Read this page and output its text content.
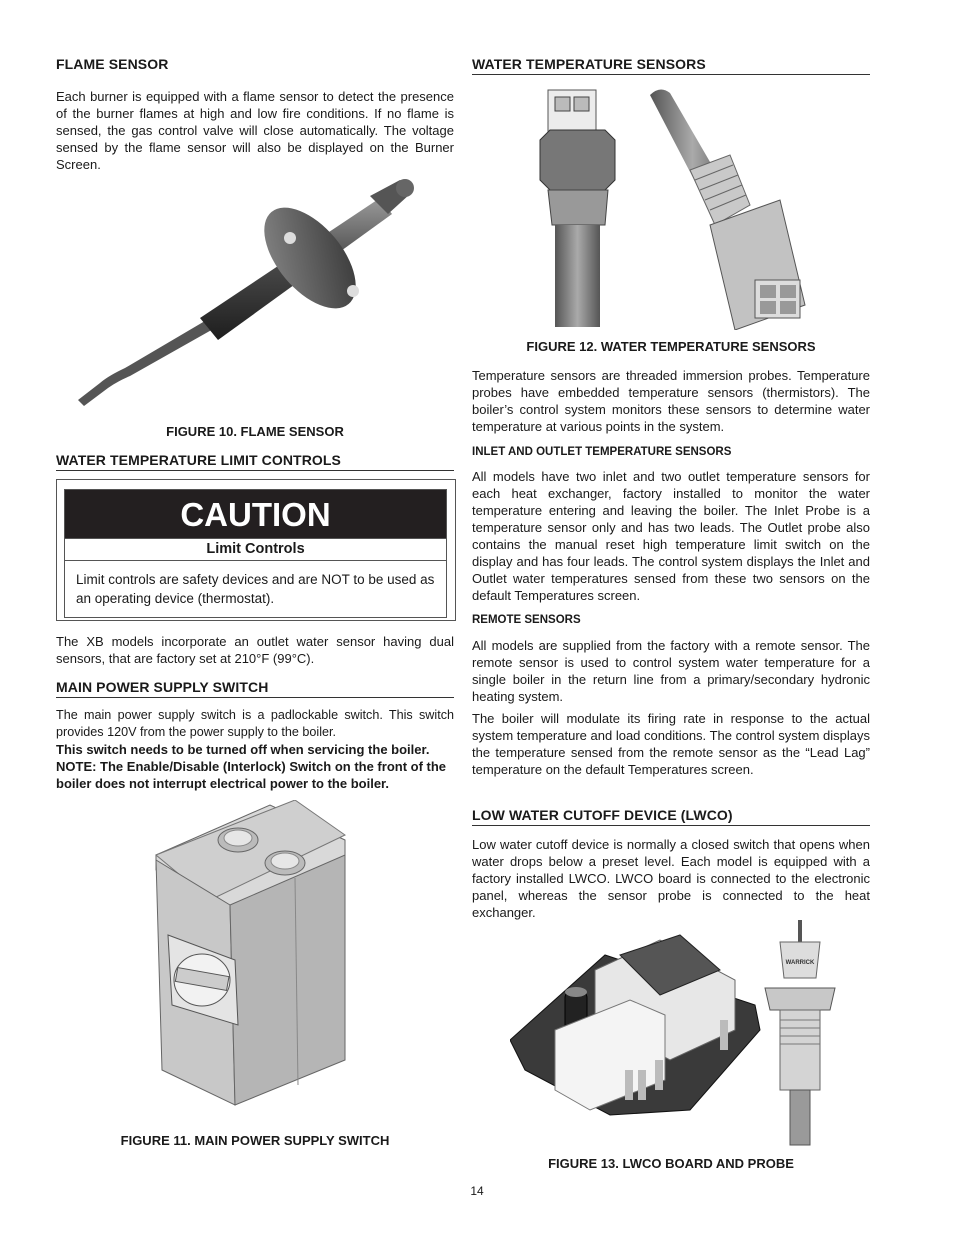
FLAME SENSOR

Each burner is equipped with a flame sensor to detect the presence of the burner flames at high and low fire conditions. If no flame is sensed, the gas control valve will close automatically. The voltage sensed by the flame sensor will also be displayed on the Burner Screen.

FIGURE 10. FLAME SENSOR
WATER TEMPERATURE LIMIT CONTROLS
CAUTION
Limit Controls
Limit controls are safety devices and are NOT to be used as an operating device (thermostat).

The XB models incorporate an outlet water sensor having dual sensors, that are factory set at 210°F (99°C).

MAIN POWER SUPPLY SWITCH

The main power supply switch is a padlockable switch. This switch provides 120V from the power supply to the boiler.

This switch needs to be turned off when servicing the boiler. NOTE: The Enable/Disable (Interlock) Switch on the front of the boiler does not interrupt electrical power to the boiler.

FIGURE 11. MAIN POWER SUPPLY SWITCH
WATER TEMPERATURE SENSORS
FIGURE 12. WATER TEMPERATURE SENSORS

Temperature sensors are threaded immersion probes. Temperature probes have embedded temperature sensors (thermistors). The boiler’s control system monitors these sensors to determine water temperature at various points in the system.

INLET AND OUTLET TEMPERATURE SENSORS

All models have two inlet and two outlet temperature sensors for each heat exchanger, factory installed to monitor the water temperature entering and leaving the boiler. The Inlet Probe is a temperature sensor only and has two leads. The Outlet probe also contains the manual reset high temperature limit switch on the display and has four leads. The control system displays the Inlet and Outlet water temperatures sensed from these two sensors on the default Temperatures screen.

REMOTE SENSORS

All models are supplied from the factory with a remote sensor. The remote sensor is used to control system water temperature for a single boiler in the return line from a primary/secondary hydronic heating system.

The boiler will modulate its firing rate in response to the actual system temperature and load conditions. The control system displays the temperature sensed from the remote sensor as the “Lead Lag” temperature on the default Temperatures screen.

LOW WATER CUTOFF DEVICE (LWCO)

Low water cutoff device is normally a closed switch that opens when water drops below a preset level. Each model is equipped with a factory installed LWCO. LWCO board is connected to the electronic panel, whereas the sensor probe is connected to the heat exchanger.

WARRICK
FIGURE 13. LWCO BOARD AND PROBE
14
